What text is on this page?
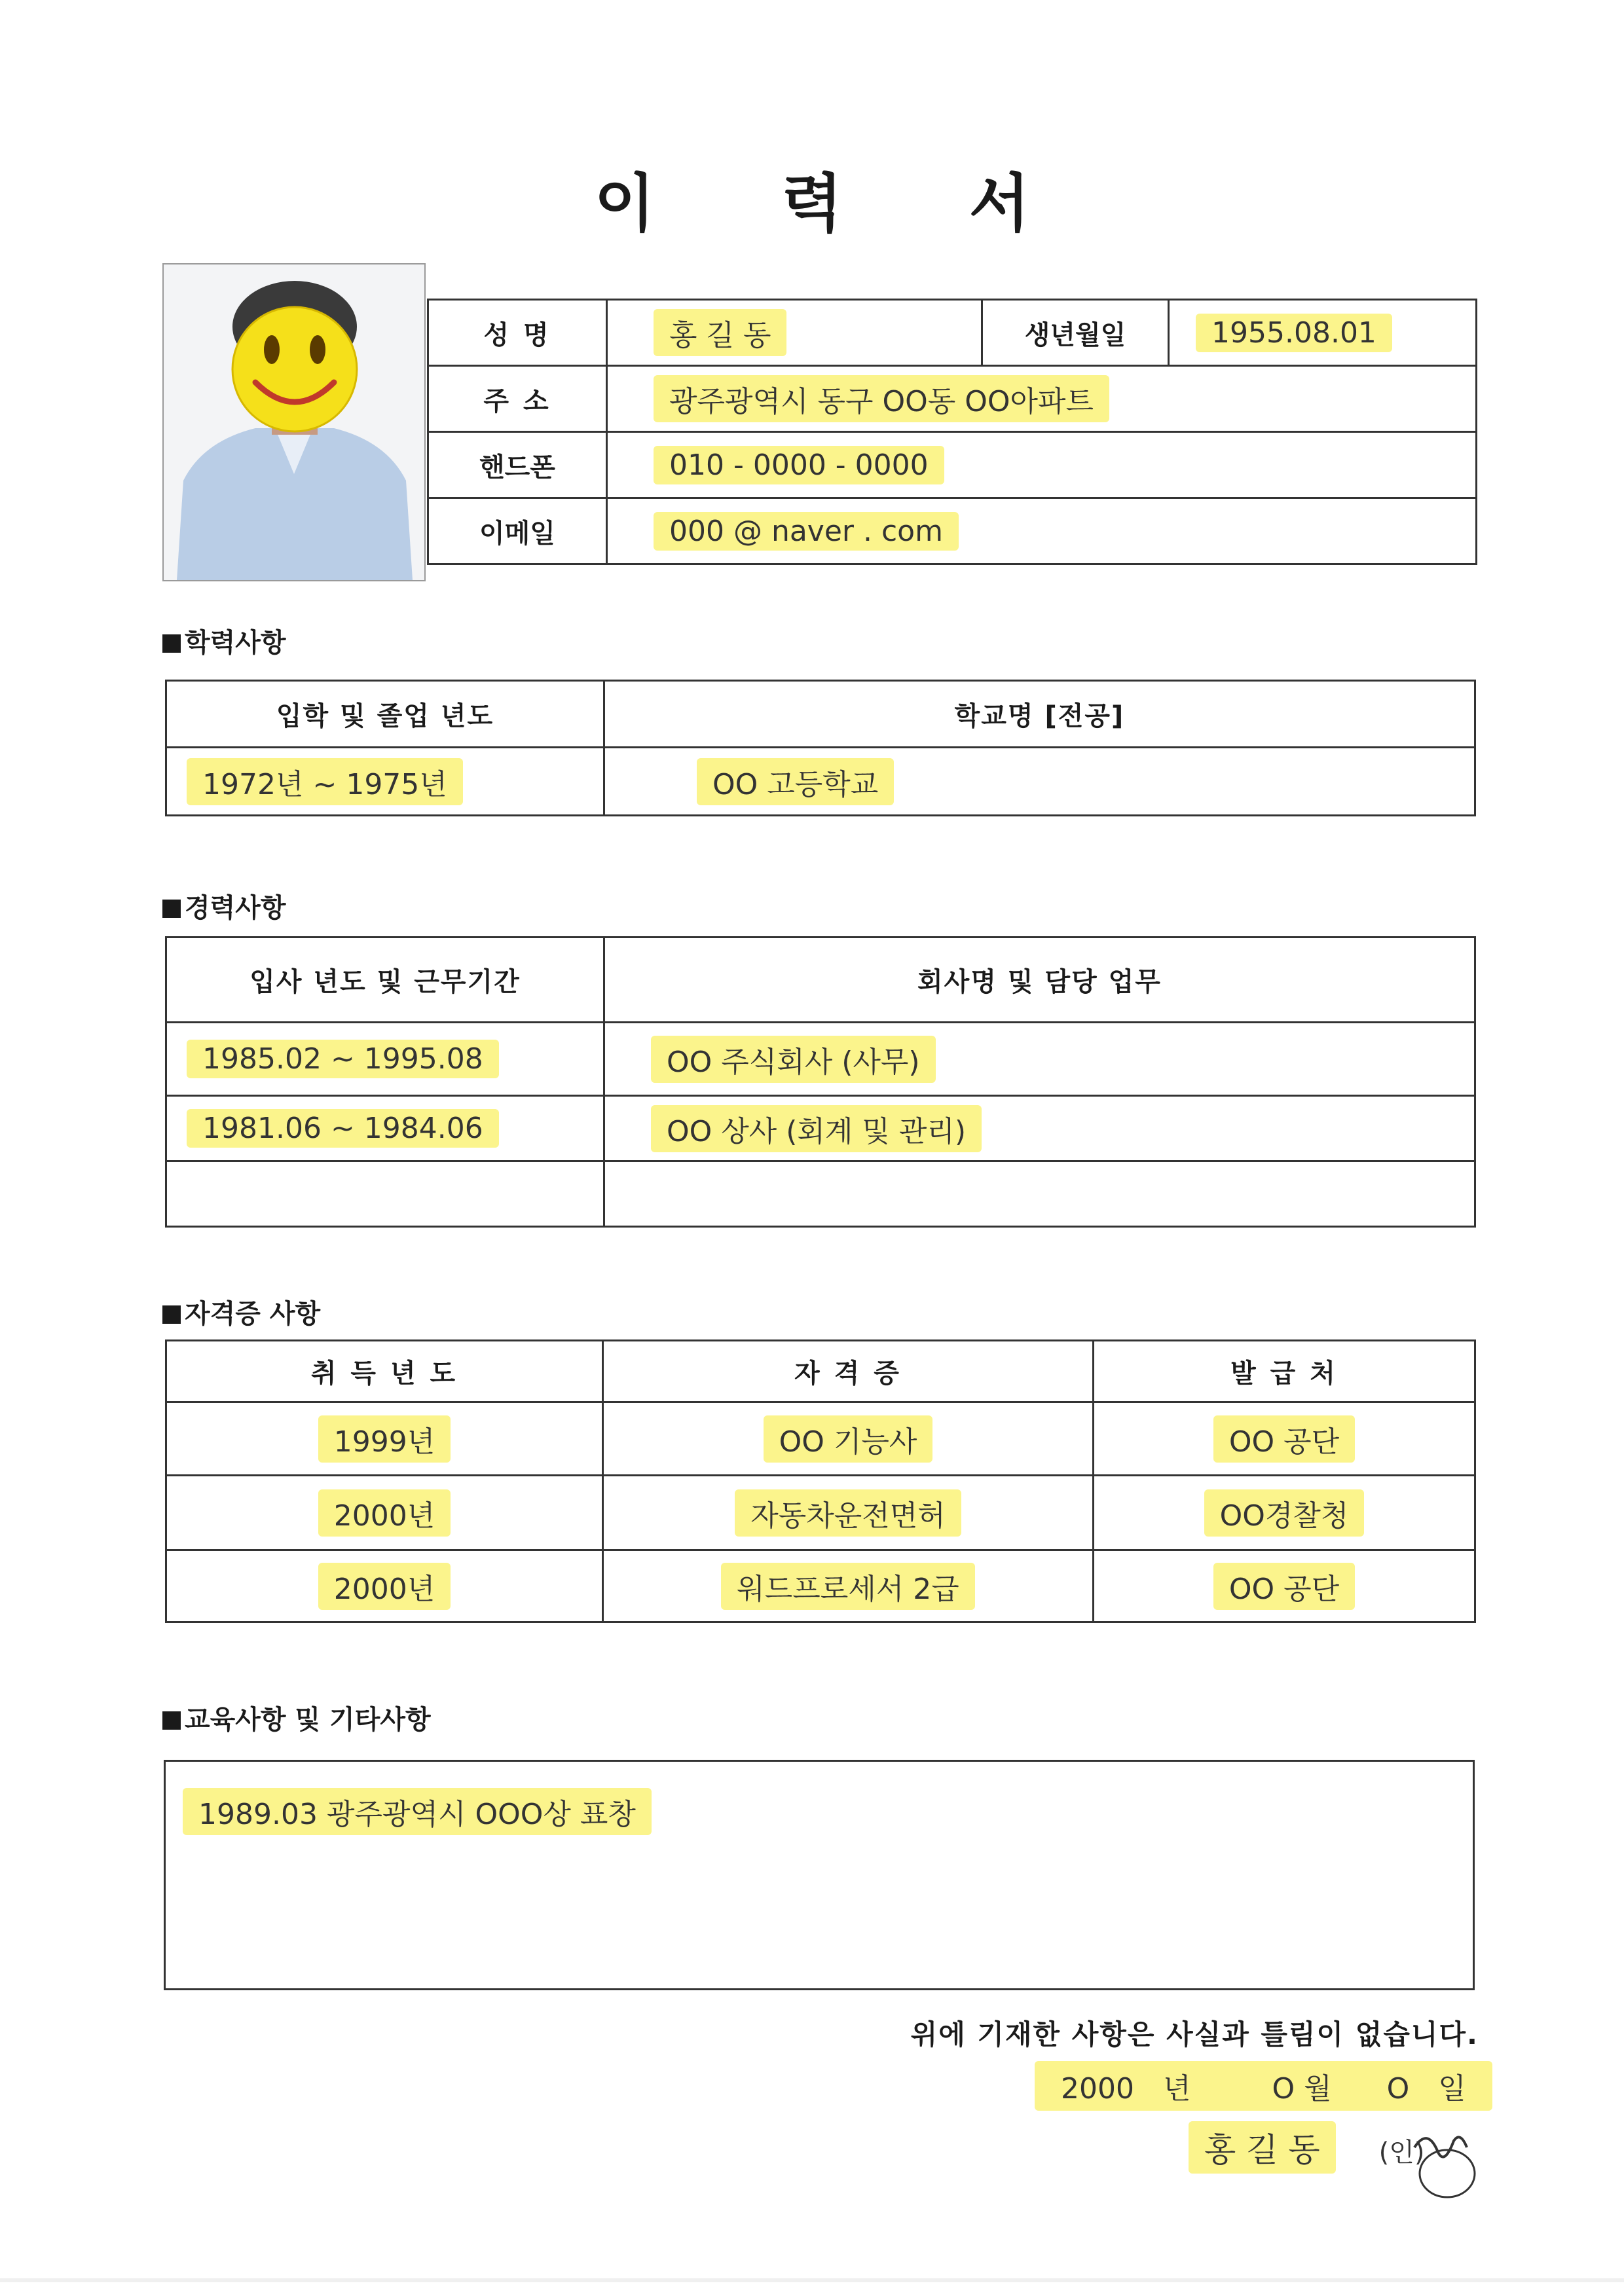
이 력 서
성 명	홍 길 동	생년월일	1955.08.01
주 소	광주광역시 동구 OO동 OO아파트		
핸드폰	010 - 0000 - 0000		
이메일	000 @ naver . com		
학력사항
입학 및 졸업 년도	학교명 [전공]
1972년 ~ 1975년	OO 고등학교
경력사항
입사 년도 및 근무기간	회사명 및 담당 업무
1985.02 ~ 1995.08	OO 주식회사 (사무)
1981.06 ~ 1984.06	OO 상사 (회계 및 관리)

자격증 사항
취 득 년 도	자 격 증	발 급 처
1999년	OO 기능사	OO 공단
2000년	자동차운전면허	OO경찰청
2000년	워드프로세서 2급	OO 공단
교육사항 및 기타사항
1989.03 광주광역시 OOO상 표창
위에 기재한 사항은 사실과 틀림이 없습니다.
2000 년	O 월 O 일
홍 길 동 (인)
